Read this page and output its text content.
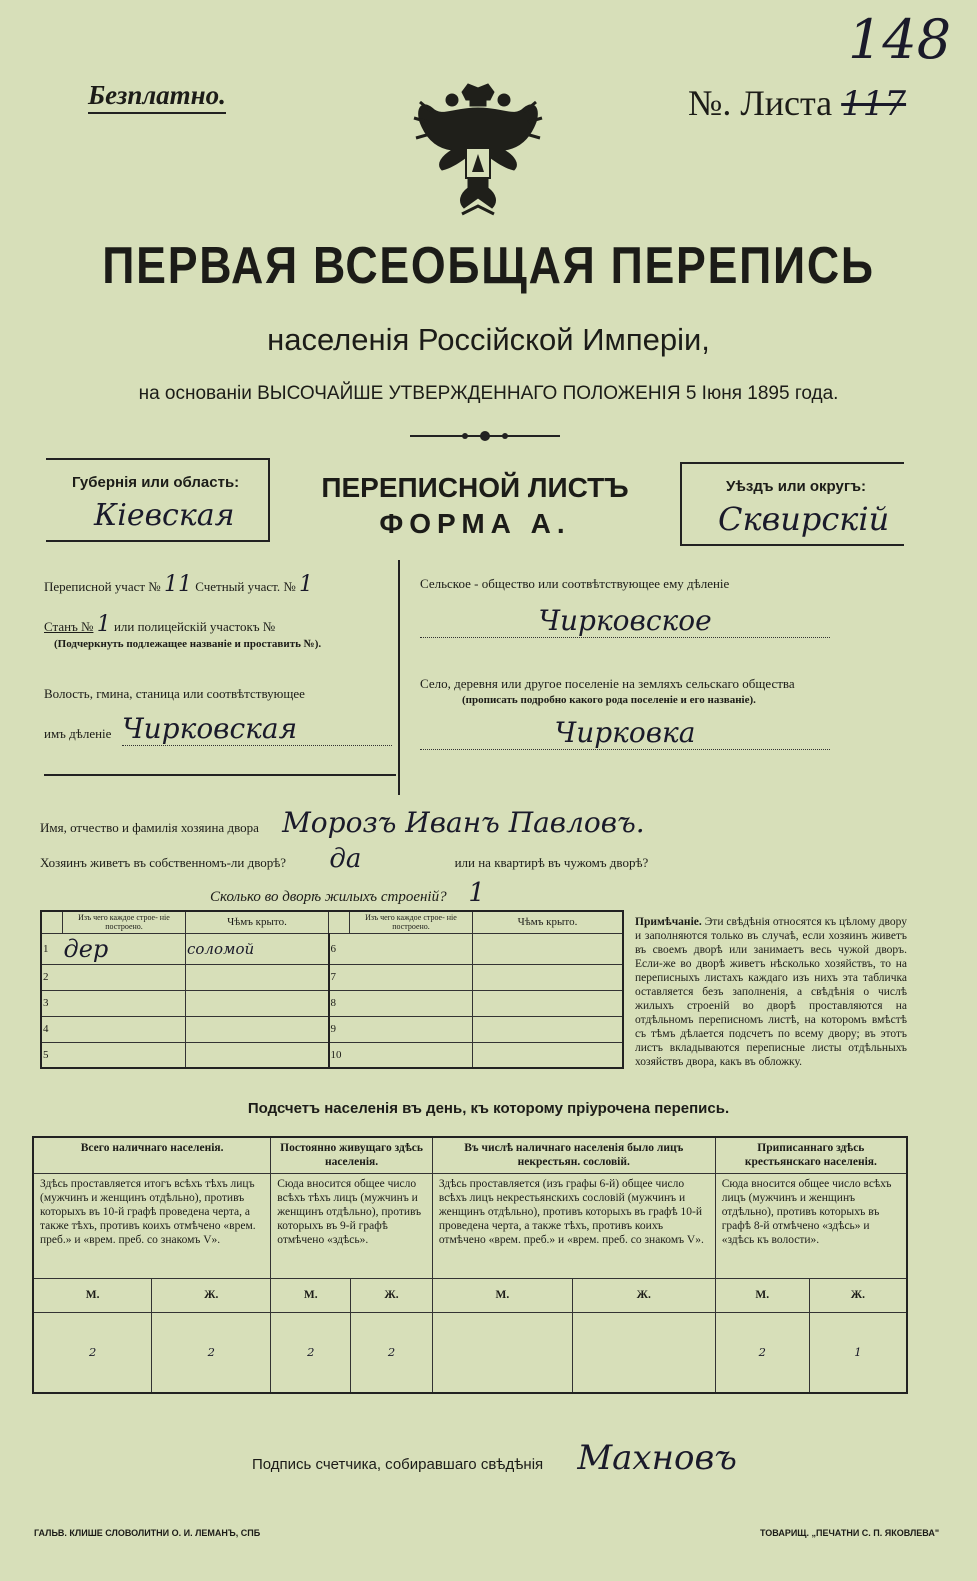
Безплатно.	№. Листа 117
148
ПЕРВАЯ ВСЕОБЩАЯ ПЕРЕПИСЬ
населенія Россійской Имперіи,
на основаніи ВЫСОЧАЙШЕ УТВЕРЖДЕННАГО ПОЛОЖЕНІЯ 5 Іюня 1895 года.
Губернія или область:
Кіевская
ПЕРЕПИСНОЙ ЛИСТЪ
ФОРМА А.
Уѣздъ или округъ:
Сквирскій
Переписной участ № 11 Счетный участ. № 1
Станъ № 1 или полицейскій участокъ №
(Подчеркнуть подлежащее названіе и проставить №).
Волость, гмина, станица или соотвѣтствующее
имъ дѣленіе Чирковская
Сельское - общество или соотвѣтствующее ему дѣленіе
Чирковское
Село, деревня или другое поселеніе на земляхъ сельскаго общества
(прописать подробно какого рода поселеніе и его названіе).
Чирковка
Имя, отчество и фамилія хозяина двора Морозъ Иванъ Павловъ.
Хозяинъ живетъ въ собственномъ-ли дворѣ? да	или на квартирѣ въ чужомъ дворѣ?
Сколько во дворѣ жилыхъ строеній? 1
	Изъ чего каждое строе- ніе построено.	Чѣмъ крыто.		Изъ чего каждое строе- ніе построено.	Чѣмъ крыто.
1	дер	соломой	6		
2			7		
3			8		
4			9		
5			10		
Примѣчаніе. Эти свѣдѣнія относятся къ цѣлому двору и заполняются только въ случаѣ, если хозяинъ живетъ въ своемъ дворѣ или занимаетъ весь чужой дворъ. Если-же во дворѣ живетъ нѣсколько хозяйствъ, то на переписныхъ листахъ каждаго изъ нихъ эта табличка оставляется безъ заполненія, а свѣдѣнія о числѣ жилыхъ строеній во дворѣ проставляются на отдѣльномъ переписномъ листѣ, на которомъ вмѣстѣ съ тѣмъ дѣлается подсчетъ по всему двору; въ этотъ листъ вкладываются переписные листы отдѣльныхъ хозяйствъ двора, какъ въ обложку.
Подсчетъ населенія въ день, къ которому пріурочена перепись.
Всего наличнаго населенія.		Постоянно живущаго здѣсь населенія.		Въ числѣ наличнаго населенія было лицъ некрестьян. сословій.		Приписаннаго здѣсь крестьянскаго населенія.	
Здѣсь проставляется итогъ всѣхъ тѣхъ лицъ (мужчинъ и женщинъ отдѣльно), противъ которыхъ въ 10-й графѣ проведена черта, а также тѣхъ, противъ коихъ отмѣчено «врем. преб.» и «врем. преб. со знакомъ V».		Сюда вносится общее число всѣхъ тѣхъ лицъ (мужчинъ и женщинъ отдѣльно), противъ которыхъ въ 9-й графѣ отмѣчено «здѣсь».		Здѣсь проставляется (изъ графы 6-й) общее число всѣхъ лицъ некрестьянскихъ сословій (мужчинъ и женщинъ отдѣльно), противъ которыхъ въ графѣ 10-й проведена черта, а также тѣхъ, противъ коихъ отмѣчено «врем. преб.» и «врем. преб. со знакомъ V».		Сюда вносится общее число всѣхъ лицъ (мужчинъ и женщинъ отдѣльно), противъ которыхъ въ графѣ 8-й отмѣчено «здѣсь» и «здѣсь къ волости».	
М.	Ж.	М.	Ж.	М.	Ж.	М.	Ж.
2	2	2	2			2	1
Подпись счетчика, собиравшаго свѣдѣнія Махновъ
ГАЛЬВ. КЛИШЕ СЛОВОЛИТНИ О. И. ЛЕМАНЪ, СПБ	ТОВАРИЩ. „ПЕЧАТНИ С. П. ЯКОВЛЕВА"
